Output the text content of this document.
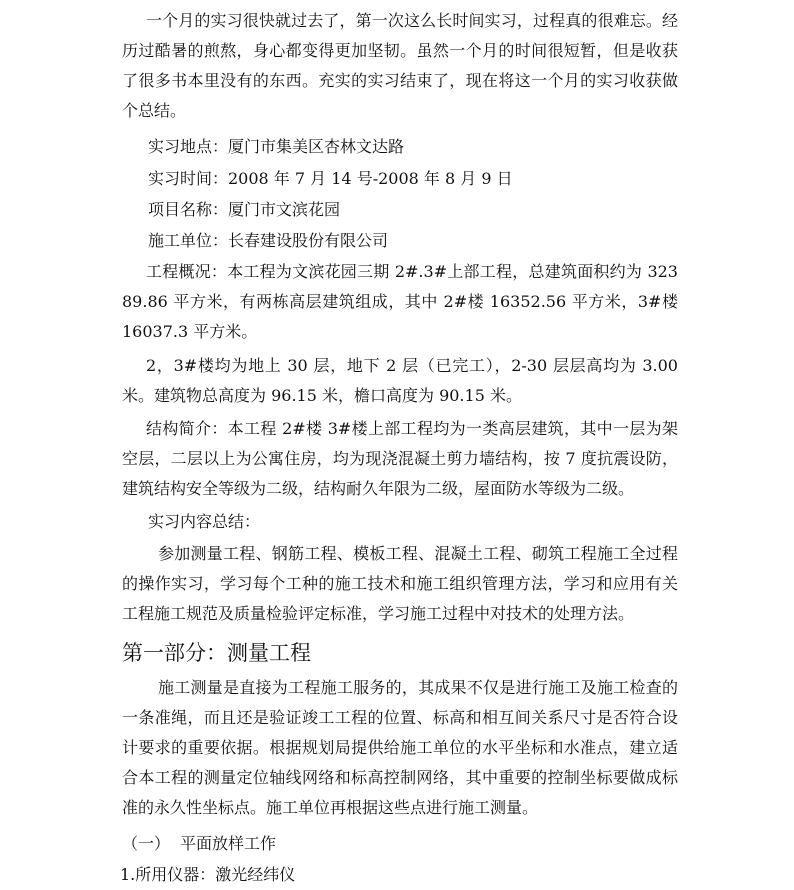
一个月的实习很快就过去了，第一次这么长时间实习，过程真的很难忘。经历过酷暑的煎熬，身心都变得更加坚韧。虽然一个月的时间很短暂，但是收获了很多书本里没有的东西。充实的实习结束了，现在将这一个月的实习收获做个总结。

实习地点：厦门市集美区杏林文达路
实习时间：2008 年 7 月 14 号-2008 年 8 月 9 日
项目名称：厦门市文滨花园
施工单位：长春建设股份有限公司

工程概况：本工程为文滨花园三期 2#.3#上部工程，总建筑面积约为 32389.86 平方米，有两栋高层建筑组成，其中 2#楼 16352.56 平方米，3#楼 16037.3 平方米。

2，3#楼均为地上 30 层，地下 2 层（已完工），2-30 层层高均为 3.00 米。建筑物总高度为 96.15 米，檐口高度为 90.15 米。

结构简介：本工程 2#楼 3#楼上部工程均为一类高层建筑，其中一层为架空层，二层以上为公寓住房，均为现浇混凝土剪力墙结构，按 7 度抗震设防，建筑结构安全等级为二级，结构耐久年限为二级，屋面防水等级为二级。

实习内容总结：

参加测量工程、钢筋工程、模板工程、混凝土工程、砌筑工程施工全过程的操作实习，学习每个工种的施工技术和施工组织管理方法，学习和应用有关工程施工规范及质量检验评定标准，学习施工过程中对技术的处理方法。

第一部分：测量工程

施工测量是直接为工程施工服务的，其成果不仅是进行施工及施工检查的一条准绳，而且还是验证竣工工程的位置、标高和相互间关系尺寸是否符合设计要求的重要依据。根据规划局提供给施工单位的水平坐标和水准点，建立适合本工程的测量定位轴线网络和标高控制网络，其中重要的控制坐标要做成标准的永久性坐标点。施工单位再根据这些点进行施工测量。

（一） 平面放样工作
1.所用仪器：激光经纬仪
